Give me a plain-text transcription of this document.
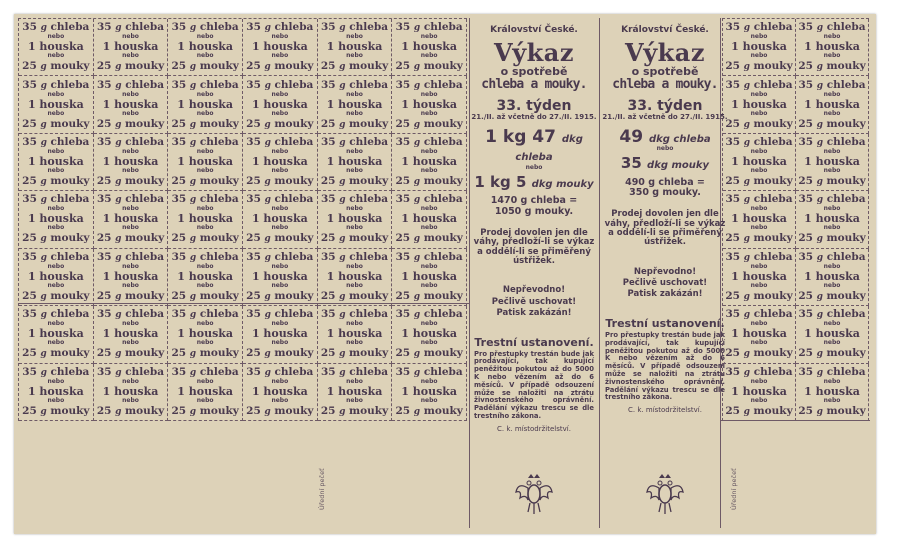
35 g chleba
nebo
1 houska
nebo
25 g mouky
35 g chleba
nebo
1 houska
nebo
25 g mouky
35 g chleba
nebo
1 houska
nebo
25 g mouky
35 g chleba
nebo
1 houska
nebo
25 g mouky
35 g chleba
nebo
1 houska
nebo
25 g mouky
35 g chleba
nebo
1 houska
nebo
25 g mouky
35 g chleba
nebo
1 houska
nebo
25 g mouky
35 g chleba
nebo
1 houska
nebo
25 g mouky
35 g chleba
nebo
1 houska
nebo
25 g mouky
35 g chleba
nebo
1 houska
nebo
25 g mouky
35 g chleba
nebo
1 houska
nebo
25 g mouky
35 g chleba
nebo
1 houska
nebo
25 g mouky
35 g chleba
nebo
1 houska
nebo
25 g mouky
35 g chleba
nebo
1 houska
nebo
25 g mouky
35 g chleba
nebo
1 houska
nebo
25 g mouky
35 g chleba
nebo
1 houska
nebo
25 g mouky
35 g chleba
nebo
1 houska
nebo
25 g mouky
35 g chleba
nebo
1 houska
nebo
25 g mouky
35 g chleba
nebo
1 houska
nebo
25 g mouky
35 g chleba
nebo
1 houska
nebo
25 g mouky
35 g chleba
nebo
1 houska
nebo
25 g mouky
35 g chleba
nebo
1 houska
nebo
25 g mouky
35 g chleba
nebo
1 houska
nebo
25 g mouky
35 g chleba
nebo
1 houska
nebo
25 g mouky
35 g chleba
nebo
1 houska
nebo
25 g mouky
35 g chleba
nebo
1 houska
nebo
25 g mouky
35 g chleba
nebo
1 houska
nebo
25 g mouky
35 g chleba
nebo
1 houska
nebo
25 g mouky
35 g chleba
nebo
1 houska
nebo
25 g mouky
35 g chleba
nebo
1 houska
nebo
25 g mouky
35 g chleba
nebo
1 houska
nebo
25 g mouky
35 g chleba
nebo
1 houska
nebo
25 g mouky
35 g chleba
nebo
1 houska
nebo
25 g mouky
35 g chleba
nebo
1 houska
nebo
25 g mouky
35 g chleba
nebo
1 houska
nebo
25 g mouky
35 g chleba
nebo
1 houska
nebo
25 g mouky
35 g chleba
nebo
1 houska
nebo
25 g mouky
35 g chleba
nebo
1 houska
nebo
25 g mouky
35 g chleba
nebo
1 houska
nebo
25 g mouky
35 g chleba
nebo
1 houska
nebo
25 g mouky
35 g chleba
nebo
1 houska
nebo
25 g mouky
35 g chleba
nebo
1 houska
nebo
25 g mouky
35 g chleba
nebo
1 houska
nebo
25 g mouky
35 g chleba
nebo
1 houska
nebo
25 g mouky
35 g chleba
nebo
1 houska
nebo
25 g mouky
35 g chleba
nebo
1 houska
nebo
25 g mouky
35 g chleba
nebo
1 houska
nebo
25 g mouky
35 g chleba
nebo
1 houska
nebo
25 g mouky
35 g chleba
nebo
1 houska
nebo
25 g mouky
35 g chleba
nebo
1 houska
nebo
25 g mouky
35 g chleba
nebo
1 houska
nebo
25 g mouky
35 g chleba
nebo
1 houska
nebo
25 g mouky
35 g chleba
nebo
1 houska
nebo
25 g mouky
35 g chleba
nebo
1 houska
nebo
25 g mouky
35 g chleba
nebo
1 houska
nebo
25 g mouky
35 g chleba
nebo
1 houska
nebo
25 g mouky
Úřední pečeť	Úřední pečeť
Království České.
Výkaz
o spotřebě
chleba a mouky.
33. týden
21./II. až včetně do 27./II. 1915.
1 kg 47 dkg chleba
nebo
1 kg 5 dkg mouky
1470 g chleba =
1050 g mouky.
Prodej dovolen jen dle váhy, předloží-li se výkaz a oddělí-li se přiměřený ústřižek.
Nepřevodno!
Pečlivě uschovat!
Patisk zakázán!
Trestní ustanovení.
Pro přestupky trestán bude jak prodávající, tak kupující peněžitou pokutou až do 5000 K nebo vězením až do 6 měsíců. V případě odsouzení může se naložiti na ztrátu živnostenského oprávnění. Padělání výkazu trescu se dle trestního zákona.
C. k. místodržitelství.
Království České.
Výkaz
o spotřebě
chleba a mouky.
33. týden
21./II. až včetně do 27./II. 1915.
49 dkg chleba
nebo
35 dkg mouky
490 g chleba =
350 g mouky.
Prodej dovolen jen dle váhy, předloží-li se výkaz a oddělí-li se přiměřený ústřižek.
Nepřevodno!
Pečlivě uschovat!
Patisk zakázán!
Trestní ustanovení.
Pro přestupky trestán bude jak prodávající, tak kupující peněžitou pokutou až do 5000 K nebo vězením až do 6 měsíců. V případě odsouzení může se naložiti na ztrátu živnostenského oprávnění. Padělání výkazu trescu se dle trestního zákona.
C. k. místodržitelství.
